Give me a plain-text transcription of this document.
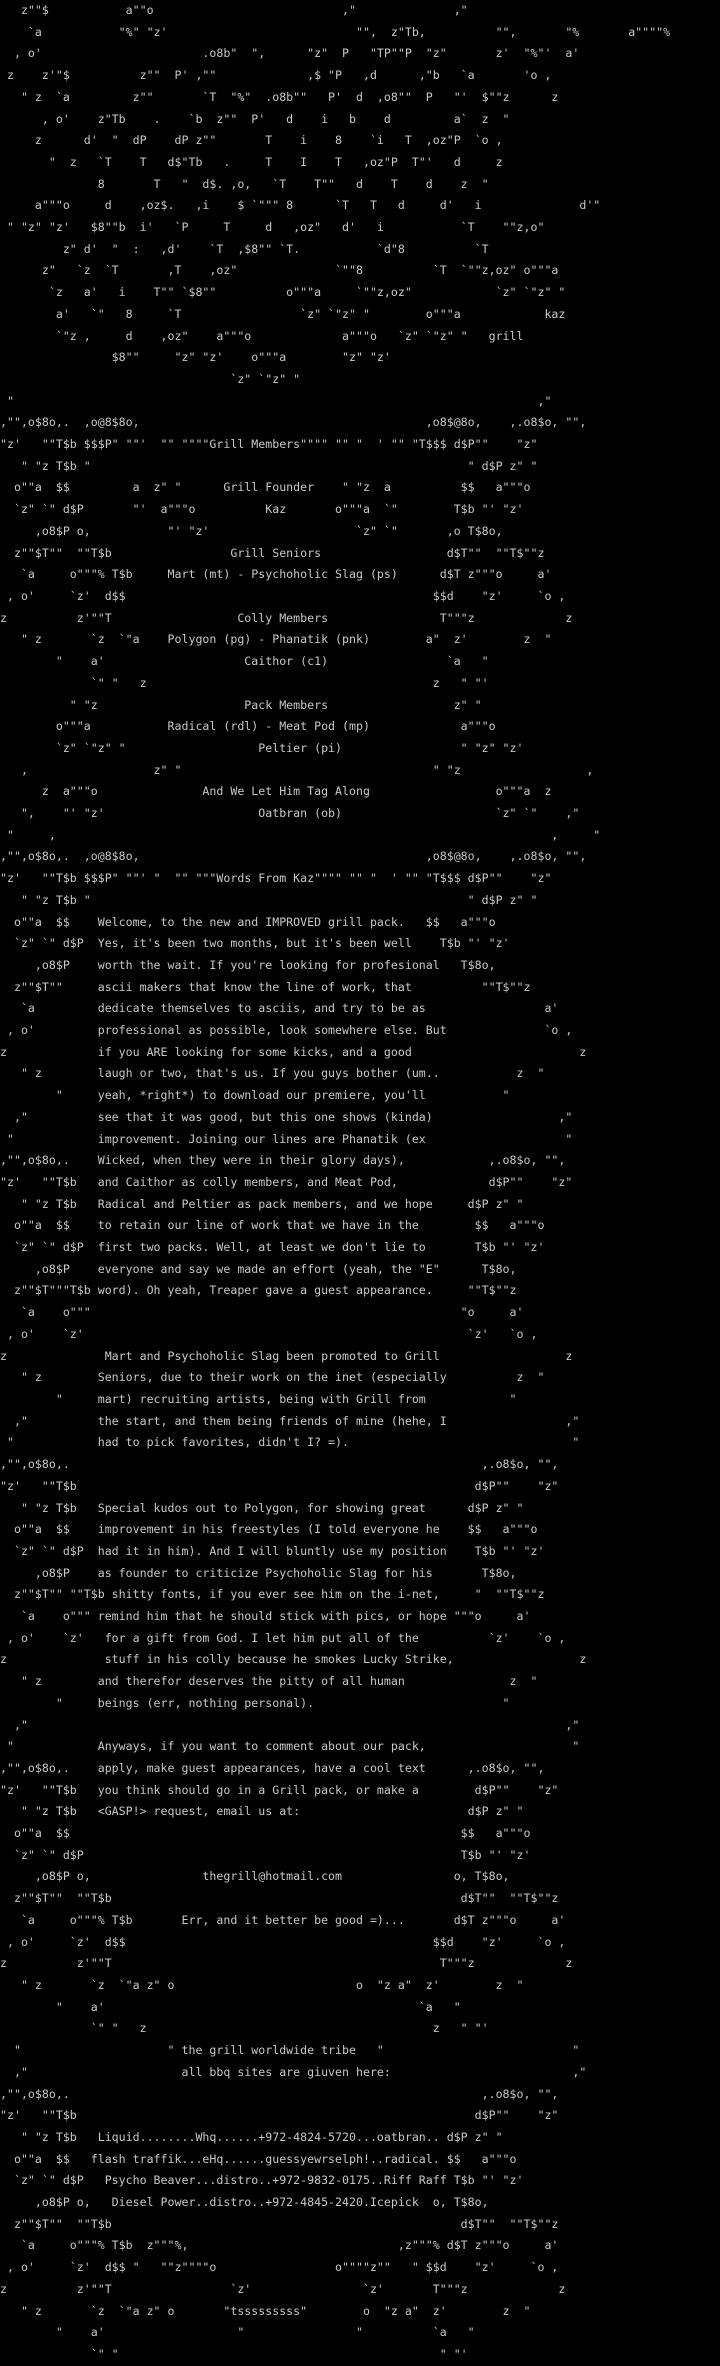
z""$           a""o                           ,"              ,"
`a           "%" "z'                           "",  z"Tb,          "",       "%       a""""%
, o'                       .o8b"  ",      "z"  P   "TP""P  "z"       z'  "%"'  a'
z    z'"$          z""  P' ,""             ,$ "P   ,d      ,"b   `a       'o ,
" z  `a         z""       `T  "%"  .o8b""   P'  d  ,o8""  P   "'  $""z      z
, o'    z"Tb    .    `b  z""  P'   d    i   b    d         a`  z  "
z      d'  "  dP    dP z""       T    i    8    `i   T  ,oz"P  `o ,
"  z   `T    T   d$"Tb   .     T    I    T   ,oz"P  T"'   d     z
8       T   "  d$. ,o,   `T    T""   d    T    d    z  "
a"""o     d    ,oz$.   ,i    $ `""" 8      `T   T   d     d'   i              d'"
" "z" "z'   $8""b  i'   `P     T     d   ,oz"   d'   i           `T    ""z,o"
z" d'  "  :   ,d'    `T  ,$8"" `T.           `d"8          `T
z"   `z  `T       ,T    ,oz"              `""8          `T  `""z,oz" o"""a
`z   a'   i    T"" `$8""          o"""a     `""z,oz"            `z" `"z" "
a'   `"   8     `T                 `z" `"z" "        o"""a            kaz
`"z ,     d    ,oz"    a"""o             a"""o   `z" `"z" "   grill
$8""     "z" "z'    o"""a        "z" "z'
`z" `"z" "
"                                                                           ,"
,"",o$8o,.  ,o@8$8o,                                         ,o8$@8o,    ,.o8$o, "",
"z'   ""T$b $$$P" ""'  "" """"Grill Members"""" "" "  ' "" "T$$$ d$P""    "z"
" "z T$b "                                                      " d$P z" "
o""a  $$         a  z" "      Grill Founder    " "z  a          $$   a"""o
`z" `" d$P       "'  a"""o          Kaz       o"""a  `"        T$b "' "z'
,o8$P o,           "' "z'                     `z" `"       ,o T$8o,
z""$T""  ""T$b                 Grill Seniors                  d$T""  ""T$""z
`a     o"""% T$b     Mart (mt) - Psychoholic Slag (ps)      d$T z"""o     a'
, o'     `z'  d$$                                            $$d    "z'     `o ,
z          z'""T                  Colly Members                T"""z             z
" z       `z  `"a    Polygon (pg) - Phanatik (pnk)        a"  z'        z  "
"    a'                    Caithor (c1)                 `a   "
`" "   z                                         z   " "'
" "z                     Pack Members                  z" "
o"""a           Radical (rdl) - Meat Pod (mp)             a"""o
`z" `"z" "                   Peltier (pi)                 " "z" "z'
,                  z" "                                    " "z                  ,
z  a"""o               And We Let Him Tag Along                  o"""a  z
",    "' "z'                      Oatbran (ob)                      `z" `"    ,"
"     ,                                                                       ,     "
,"",o$8o,.  ,o@8$8o,                                         ,o8$@8o,    ,.o8$o, "",
"z'   ""T$b $$$P" ""' "  "" """Words From Kaz"""" "" "  ' "" "T$$$ d$P""    "z"
" "z T$b "                                                      " d$P z" "
o""a  $$    Welcome, to the new and IMPROVED grill pack.   $$   a"""o
`z" `" d$P  Yes, it's been two months, but it's been well    T$b "' "z'
,o8$P    worth the wait. If you're looking for profesional   T$8o,
z""$T""     ascii makers that know the line of work, that          ""T$""z
`a         dedicate themselves to asciis, and try to be as                 a'
, o'         professional as possible, look somewhere else. But              `o ,
z             if you ARE looking for some kicks, and a good                        z
" z        laugh or two, that's us. If you guys bother (um..           z  "
"     yeah, *right*) to download our premiere, you'll           "
,"          see that it was good, but this one shows (kinda)                  ,"
"            improvement. Joining our lines are Phanatik (ex                    "
,"",o$8o,.    Wicked, when they were in their glory days),            ,.o8$o, "",
"z'   ""T$b   and Caithor as colly members, and Meat Pod,             d$P""    "z"
" "z T$b   Radical and Peltier as pack members, and we hope     d$P z" "
o""a  $$    to retain our line of work that we have in the        $$   a"""o
`z" `" d$P  first two packs. Well, at least we don't lie to       T$b "' "z'
,o8$P    everyone and say we made an effort (yeah, the "E"      T$8o,
z""$T"""T$b word). Oh yeah, Treaper gave a guest appearance.     ""T$""z
`a    o"""                                                     "o     a'
, o'    `z'                                                       `z'   `o ,
z              Mart and Psychoholic Slag been promoted to Grill                  z
" z        Seniors, due to their work on the inet (especially          z  "
"     mart) recruiting artists, being with Grill from            "
,"          the start, and them being friends of mine (hehe, I                 ,"
"            had to pick favorites, didn't I? =).                                "
,"",o$8o,.                                                           ,.o8$o, "",
"z'   ""T$b                                                         d$P""    "z"
" "z T$b   Special kudos out to Polygon, for showing great      d$P z" "
o""a  $$    improvement in his freestyles (I told everyone he    $$   a"""o
`z" `" d$P  had it in him). And I will bluntly use my position    T$b "' "z'
,o8$P    as founder to criticize Psychoholic Slag for his       T$8o,
z""$T"" ""T$b shitty fonts, if you ever see him on the i-net,     "  ""T$""z
`a    o""" remind him that he should stick with pics, or hope """o     a'
, o'    `z'   for a gift from God. I let him put all of the          `z'    `o ,
z              stuff in his colly because he smokes Lucky Strike,                  z
" z        and therefor deserves the pitty of all human               z  "
"     beings (err, nothing personal).                           "
,"                                                                             ,"
"            Anyways, if you want to comment about our pack,                     "
,"",o$8o,.    apply, make guest appearances, have a cool text      ,.o8$o, "",
"z'   ""T$b   you think should go in a Grill pack, or make a        d$P""    "z"
" "z T$b   <GASP!> request, email us at:                        d$P z" "
o""a  $$                                                        $$   a"""o
`z" `" d$P                                                      T$b "' "z'
,o8$P o,                thegrill@hotmail.com                o, T$8o,
z""$T""  ""T$b                                                  d$T""  ""T$""z
`a     o"""% T$b       Err, and it better be good =)...       d$T z"""o     a'
, o'     `z'  d$$                                            $$d    "z'     `o ,
z          z'""T                                               T"""z             z
" z       `z  `"a z" o                          o  "z a"  z'        z  "
"    a'                                             `a   "
`" "   z                                         z   " "'
"                     " the grill worldwide tribe   "                           "
,"                      all bbq sites are giuven here:                          ,"
,"",o$8o,.                                                           ,.o8$o, "",
"z'   ""T$b                                                         d$P""    "z"
" "z T$b   Liquid........Whq......+972-4824-5720...oatbran.. d$P z" "
o""a  $$   flash traffik...eHq......guessyewrselph!..radical. $$   a"""o
`z" `" d$P   Psycho Beaver...distro..+972-9832-0175..Riff Raff T$b "' "z'
,o8$P o,   Diesel Power..distro..+972-4845-2420.Icepick  o, T$8o,
z""$T""  ""T$b                                                  d$T""  ""T$""z
`a     o"""% T$b  z"""%,                              ,z"""% d$T z"""o     a'
, o'     `z'  d$$ "   ""z""""o                 o""""z""   " $$d    "z'     `o ,
z          z'""T                 `z'                `z'       T"""z             z
" z       `z  `"a z" o       "tsssssssss"        o  "z a"  z'        z  "
"    a'                   "                "          `a   "
`" "                                              " "'
